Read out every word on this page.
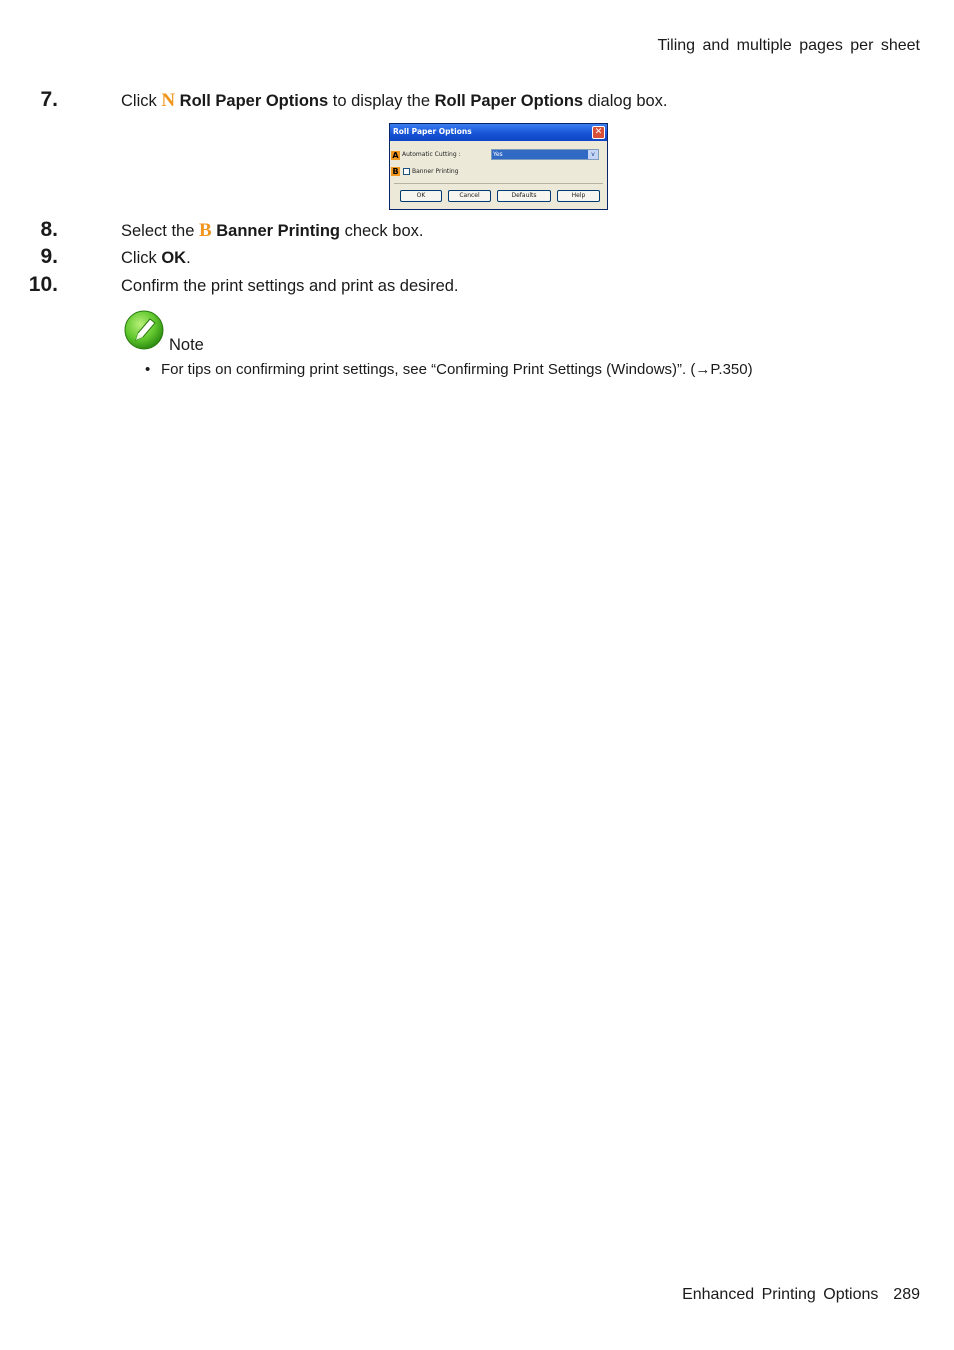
Tiling and multiple pages per sheet
7.	Click N Roll Paper Options to display the Roll Paper Options dialog box.
Roll Paper Options	✕
A Automatic Cutting :	Yes	v
B Banner Printing
OK	Cancel	Defaults	Help
8.	Select the B Banner Printing check box.
9.	Click OK.
10.	Confirm the print settings and print as desired.
Note
• For tips on confirming print settings, see “Confirming Print Settings (Windows)”. (→P.350)
Enhanced Printing Options 289
